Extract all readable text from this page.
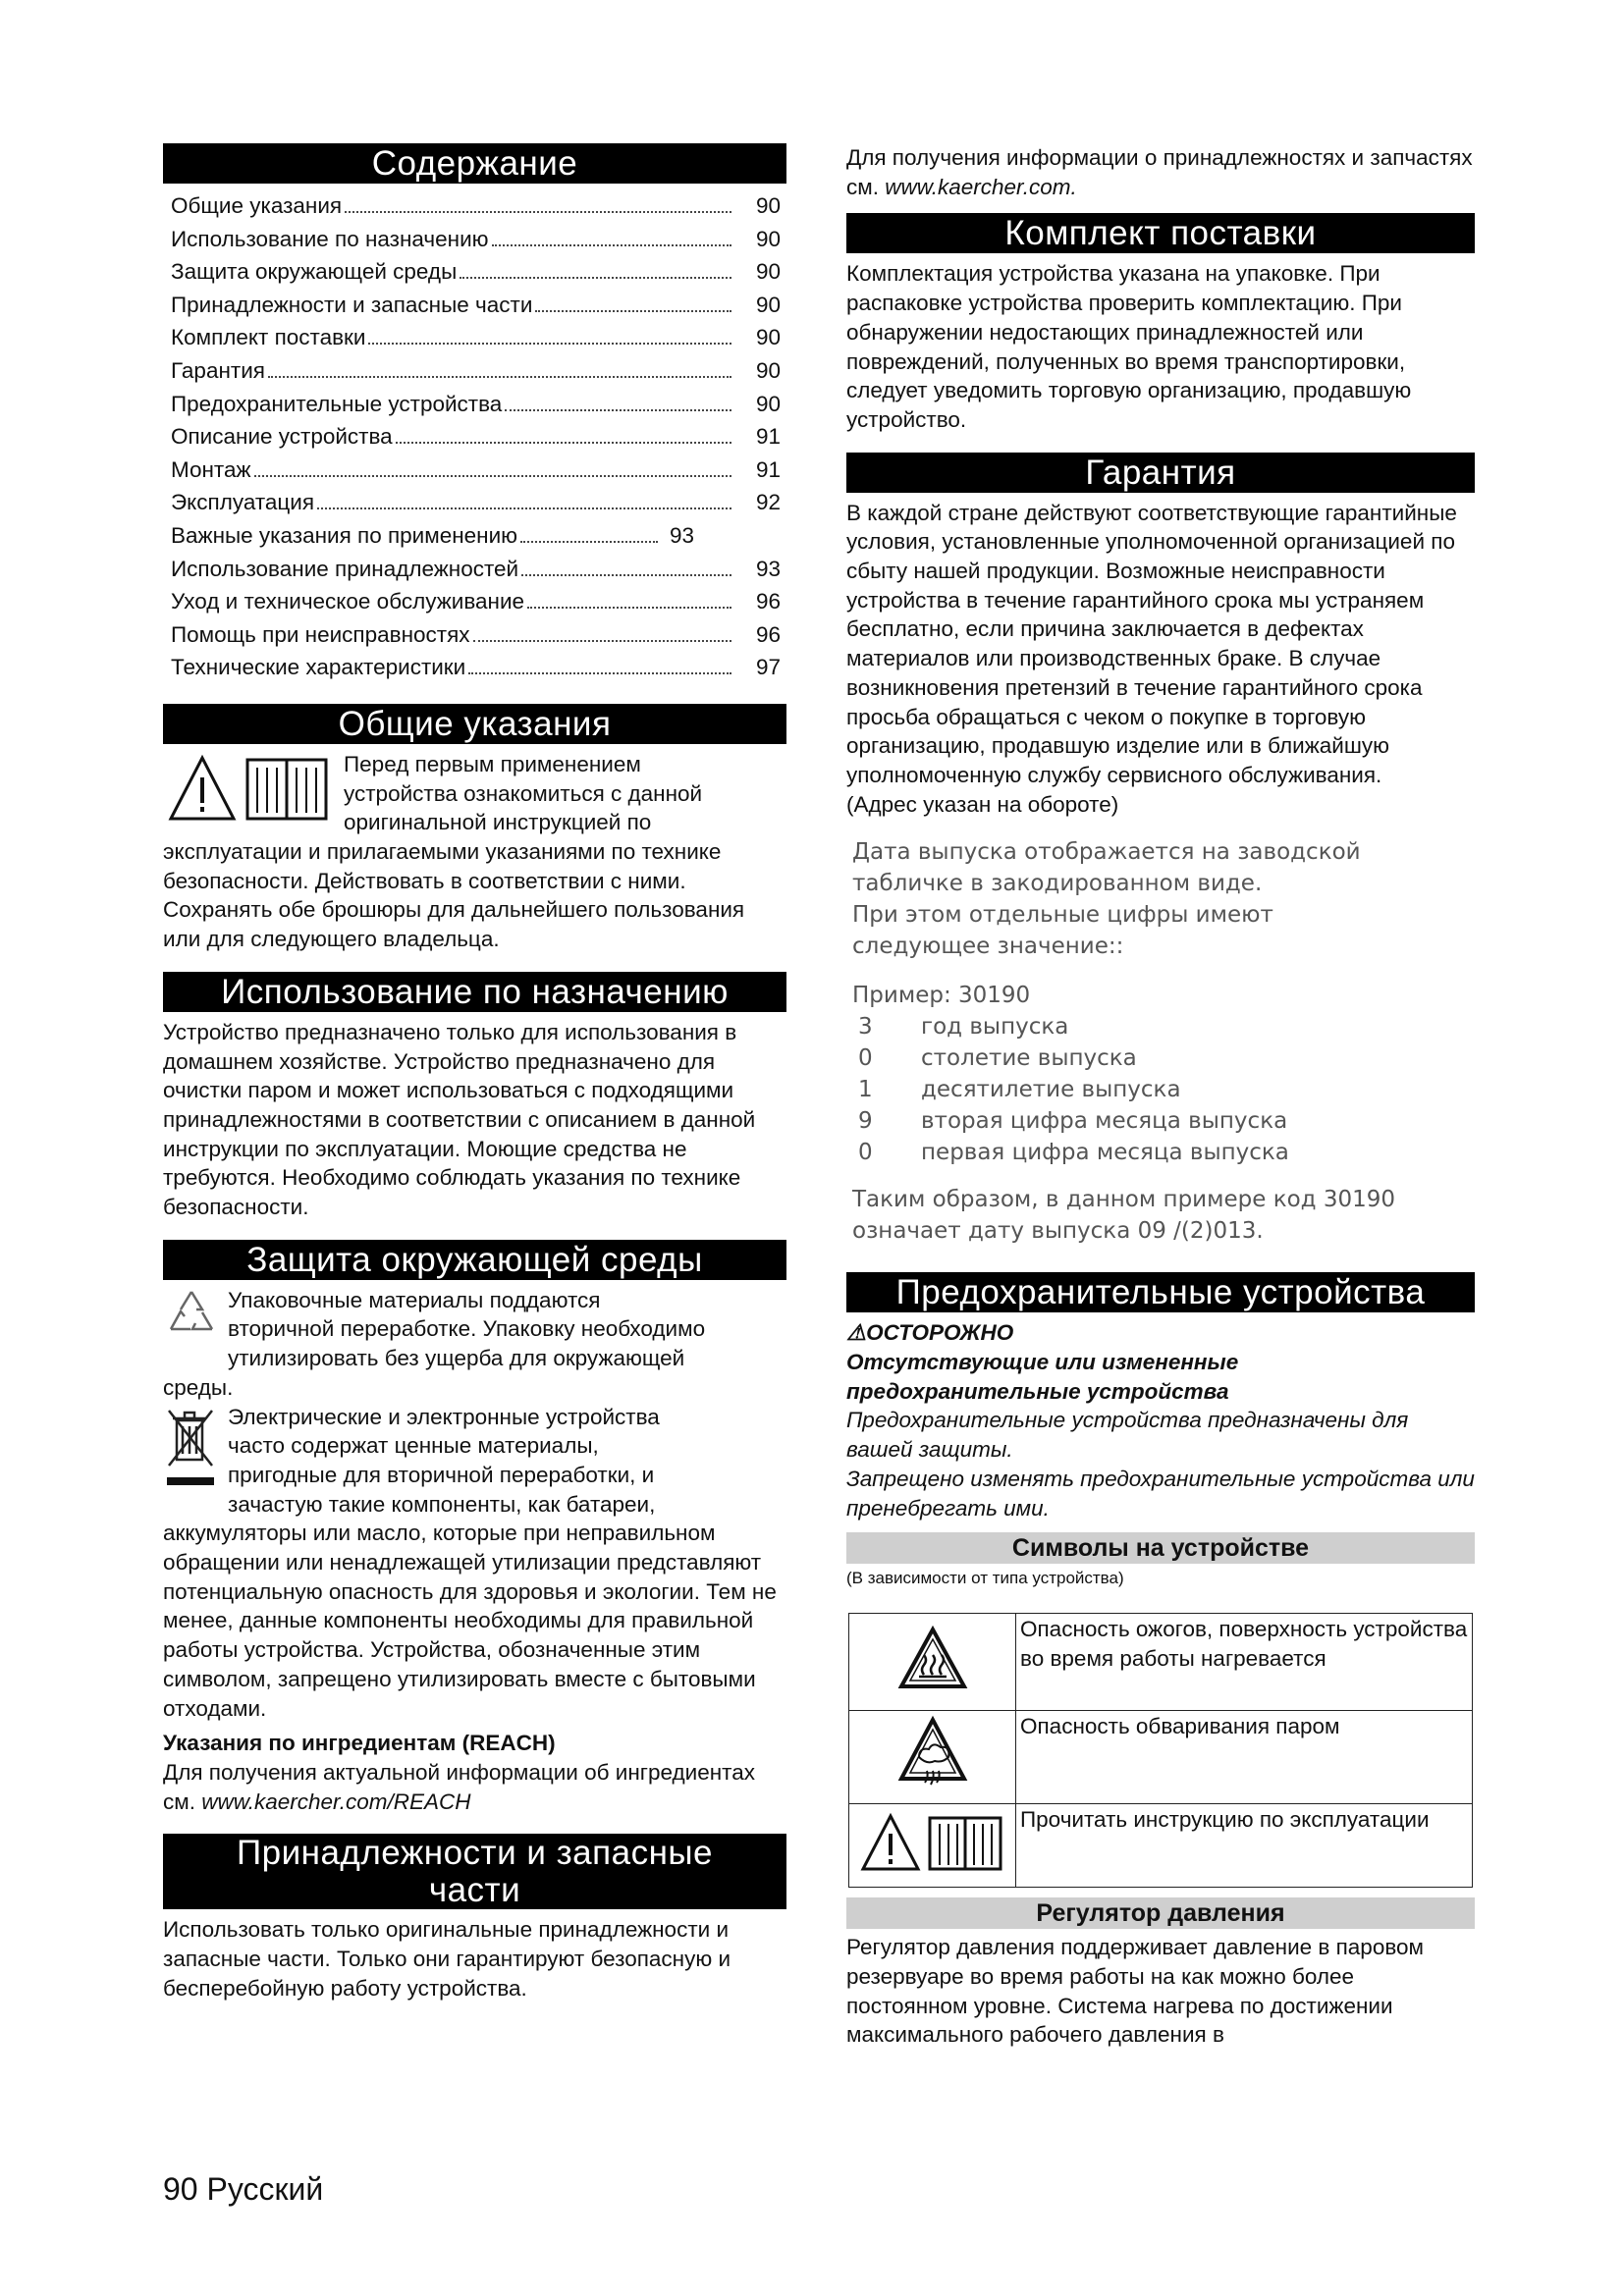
Содержание
Общие указания	90
Использование по назначению	90
Защита окружающей среды	90
Принадлежности и запасные части	90
Комплект поставки	90
Гарантия	90
Предохранительные устройства	90
Описание устройства	91
Монтаж	91
Эксплуатация	92
Важные указания по применению	93
Использование принадлежностей	93
Уход и техническое обслуживание	96
Помощь при неисправностях	96
Технические характеристики	97
Общие указания
Перед первым применением
устройства ознакомиться с данной
оригинальной инструкцией по

эксплуатации и прилагаемыми указаниями по технике безопасности. Действовать в соответствии с ними.

Сохранять обе брошюры для дальнейшего пользования или для следующего владельца.

Использование по назначению

Устройство предназначено только для использования в домашнем хозяйстве. Устройство предназначено для очистки паром и может использоваться с подходящими принадлежностями в соответствии с описанием в данной инструкции по эксплуатации. Моющие средства не требуются. Необходимо соблюдать указания по технике безопасности.

Защита окружающей среды
Упаковочные материалы поддаются
вторичной переработке. Упаковку необходимо
утилизировать без ущерба для окружающей

среды.

Электрические и электронные устройства
часто содержат ценные материалы,
пригодные для вторичной переработки, и
зачастую такие компоненты, как батареи,

аккумуляторы или масло, которые при неправильном обращении или ненадлежащей утилизации представляют потенциальную опасность для здоровья и экологии. Тем не менее, данные компоненты необходимы для правильной работы устройства. Устройства, обозначенные этим символом, запрещено утилизировать вместе с бытовыми отходами.

Указания по ингредиентам (REACH)

Для получения актуальной информации об ингредиентах см. www.kaercher.com/REACH

Принадлежности и запасные
части

Использовать только оригинальные принадлежности и запасные части. Только они гарантируют безопасную и бесперебойную работу устройства.

Для получения информации о принадлежностях и запчастях см. www.kaercher.com.

Комплект поставки

Комплектация устройства указана на упаковке. При распаковке устройства проверить комплектацию. При обнаружении недостающих принадлежностей или повреждений, полученных во время транспортировки, следует уведомить торговую организацию, продавшую устройство.

Гарантия

В каждой стране действуют соответствующие гарантийные условия, установленные уполномоченной организацией по сбыту нашей продукции. Возможные неисправности устройства в течение гарантийного срока мы устраняем бесплатно, если причина заключается в дефектах материалов или производственных браке. В случае возникновения претензий в течение гарантийного срока просьба обращаться с чеком о покупке в торговую организацию, продавшую изделие или в ближайшую уполномоченную службу сервисного обслуживания.

(Адрес указан на обороте)

Дата выпуска отображается на заводской

табличке в закодированном виде.

При этом отдельные цифры имеют

следующее значение::

Пример: 30190

3	год выпуска
0	столетие выпуска
1	десятилетие выпуска
9	вторая цифра месяца выпуска
0	первая цифра месяца выпуска

Таким образом, в данном примере код 30190

означает дату выпуска 09 /(2)013.

Предохранительные устройства
⚠ОСТОРОЖНО
Отсутствующие или измененные предохранительные устройства

Предохранительные устройства предназначены для вашей защиты.

Запрещено изменять предохранительные устройства или пренебрегать ими.

Символы на устройстве

(В зависимости от типа устройства)

	Опасность ожогов, поверхность устройства во время работы нагревается
	Опасность обваривания паром
	Прочитать инструкцию по эксплуатации
Регулятор давления

Регулятор давления поддерживает давление в паровом резервуаре во время работы на как можно более постоянном уровне. Система нагрева по достижении максимального рабочего давления в

90 Русский
